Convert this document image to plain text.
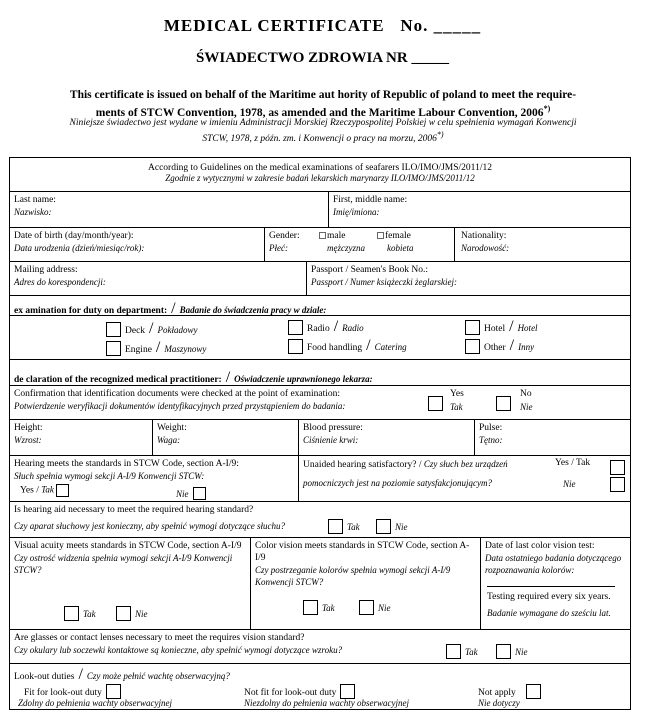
MEDICAL CERTIFICATE No. _____
ŚWIADECTWO ZDROWIA NR _____
This certificate is issued on behalf of the Maritime aut hority of Republic of poland to meet the require-ments of STCW Convention, 1978, as amended and the Maritime Labour Convention, 2006*)
Niniejsze świadectwo jest wydane w imieniu Administracji Morskiej Rzeczypospolitej Polskiej w celu spełnienia wymagań Konwencji STCW, 1978, z późn. zm. i Konwencji o pracy na morzu, 2006*)
According to Guidelines on the medical examinations of seafarers ILO/IMO/JMS/2011/12
Zgodnie z wytycznymi w zakresie badań lekarskich marynarzy ILO/IMO/JMS/2011/12
Last name:
Nazwisko:
First, middle name:
Imię/imiona:
Date of birth (day/month/year):
Data urodzenia (dzień/miesiąc/rok):
Gender:	male	female
Płeć:	mężczyzna kobieta
Nationality:
Narodowość:
Mailing address:
Adres do korespondencji:
Passport / Seamen's Book No.:
Passport / Numer książeczki żeglarskiej:
ex amination for duty on department: / Badanie do świadczenia pracy w dziale:
Deck / Pokładowy
Engine / Maszynowy
Radio / Radio
Food handling / Catering
Hotel / Hotel
Other / Inny
de claration of the recognized medical practitioner: / Oświadczenie uprawnionego lekarza:
Confirmation that identification documents were checked at the point of examination:
Potwierdzenie weryfikacji dokumentów identyfikacyjnych przed przystąpieniem do badania:
Yes
Tak
No
Nie
Height:
Wzrost:
Weight:
Waga:
Blood pressure:
Ciśnienie krwi:
Pulse:
Tętno:
Hearing meets the standards in STCW Code, section A-I/9:
Słuch spełnia wymogi sekcji A-I/9 Konwencji STCW:
Yes / Tak	Nie
Unaided hearing satisfactory? / Czy słuch bez urządzeń
pomocniczych jest na poziomie satysfakcjonującym?
Yes / Tak
Nie
Is hearing aid necessary to meet the required hearing standard?
Czy aparat słuchowy jest konieczny, aby spełnić wymogi dotyczące słuchu?	Tak	Nie
Visual acuity meets standards in STCW Code, section A-I/9
Czy ostrość widzenia spełnia wymogi sekcji A-I/9 Konwencji STCW?
Tak	Nie
Color vision meets standards in STCW Code, section A-I/9
Czy postrzeganie kolorów spełnia wymogi sekcji A-I/9 Konwencji STCW?
Tak	Nie
Date of last color vision test:
Data ostatniego badania dotyczącego rozpoznawania kolorów:
Testing required every six years.
Badanie wymagane do sześciu lat.
Are glasses or contact lenses necessary to meet the requires vision standard?
Czy okulary lub soczewki kontaktowe są konieczne, aby spełnić wymogi dotyczące wzroku?	Tak	Nie
Look-out duties / Czy może pełnić wachtę obserwacyjną?
Fit for look-out duty
Zdolny do pełnienia wachty obserwacyjnej
Not fit for look-out duty
Niezdolny do pełnienia wachty obserwacyjnej
Not apply
Nie dotyczy
